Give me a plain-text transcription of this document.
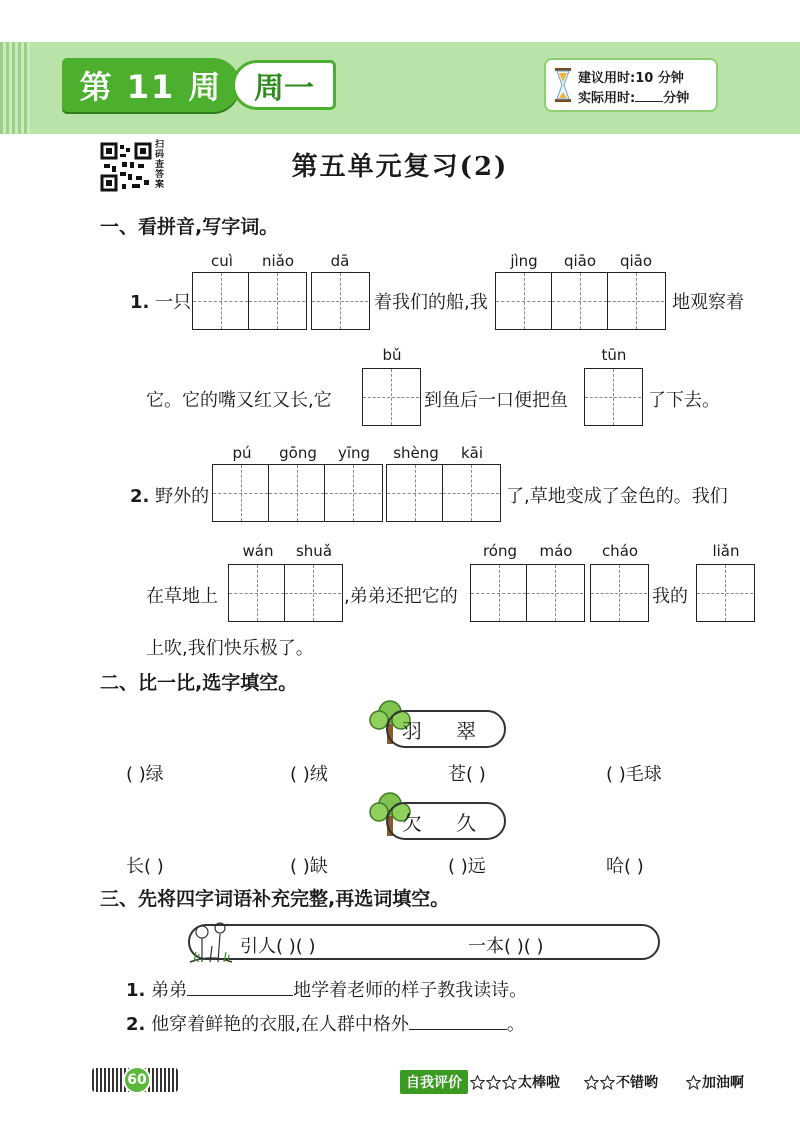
第 11 周	周一	建议用时:10 分钟
实际用时: 分钟
扫码查答案
第五单元复习(2)
一、看拼音,写字词。
cuì	niǎo	dā	jìng	qiāo	qiāo
1. 一只	着我们的船,我	地观察着
bǔ	tūn
它。它的嘴又红又长,它	到鱼后一口便把鱼	了下去。
pú	gōng	yīng	shèng	kāi
2. 野外的	了,草地变成了金色的。我们
wán	shuǎ	róng	máo	cháo	liǎn
在草地上	,弟弟还把它的	我的
上吹,我们快乐极了。
二、比一比,选字填空。
羽 翠
( )绿	( )绒	苍( )	( )毛球
欠 久
长( )	( )缺	( )远	哈( )
三、先将四字词语补充完整,再选词填空。
引人( )( )	一本( )( )
1. 弟弟	地学着老师的样子教我读诗。
2. 他穿着鲜艳的衣服,在人群中格外	。
60	自我评价	太棒啦	不错哟	加油啊
